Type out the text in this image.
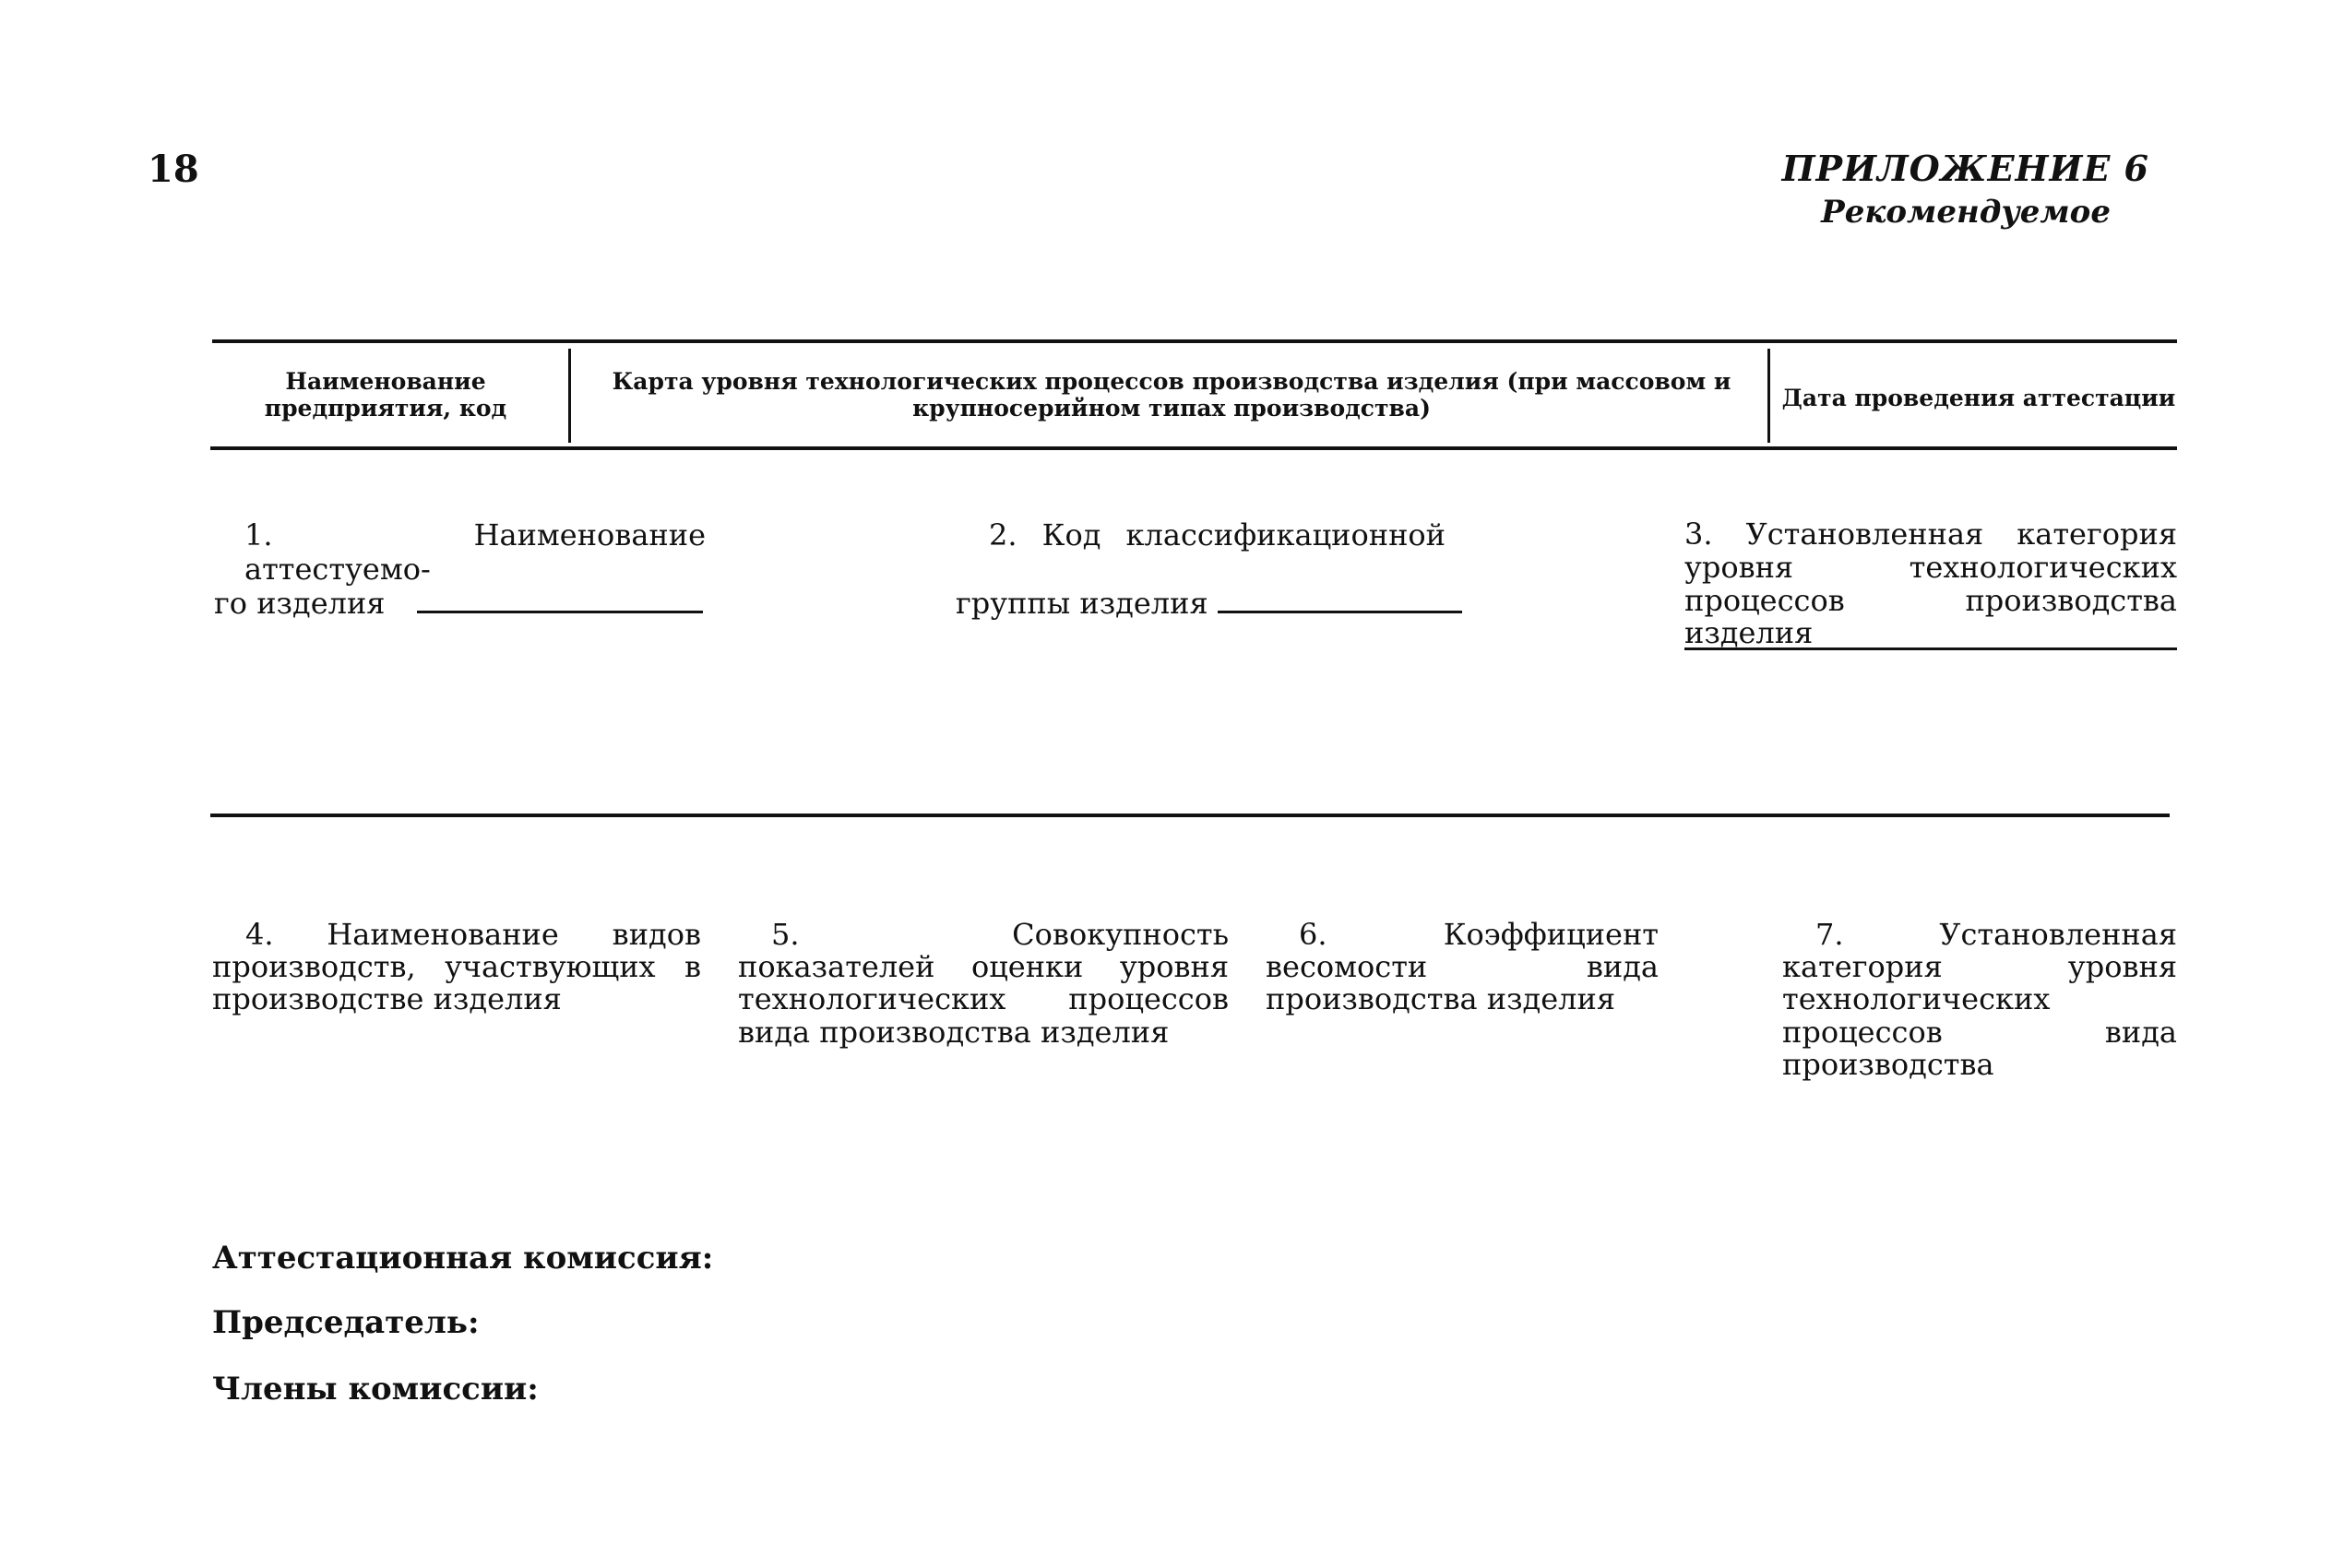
18	ПРИЛОЖЕНИЕ 6
Рекомендуемое
Наименование предприятия, код
Карта уровня технологических процессов производства изделия (при массовом и крупносерийном типах производства)	Дата проведения аттестации
1. Наименование аттестуемо-
го изделия
2. Код классификационной
группы изделия
3. Установленная категория уровня технологических процессов производства изделия
4. Наименование видов производств, участвующих в производстве изделия
5. Совокупность показателей оценки уровня технологических процессов вида производства изделия
6. Коэффициент весомости вида производства изделия
7. Установленная категория уровня технологических процессов вида производства
Аттестационная комиссия:
Председатель:
Члены комиссии:
